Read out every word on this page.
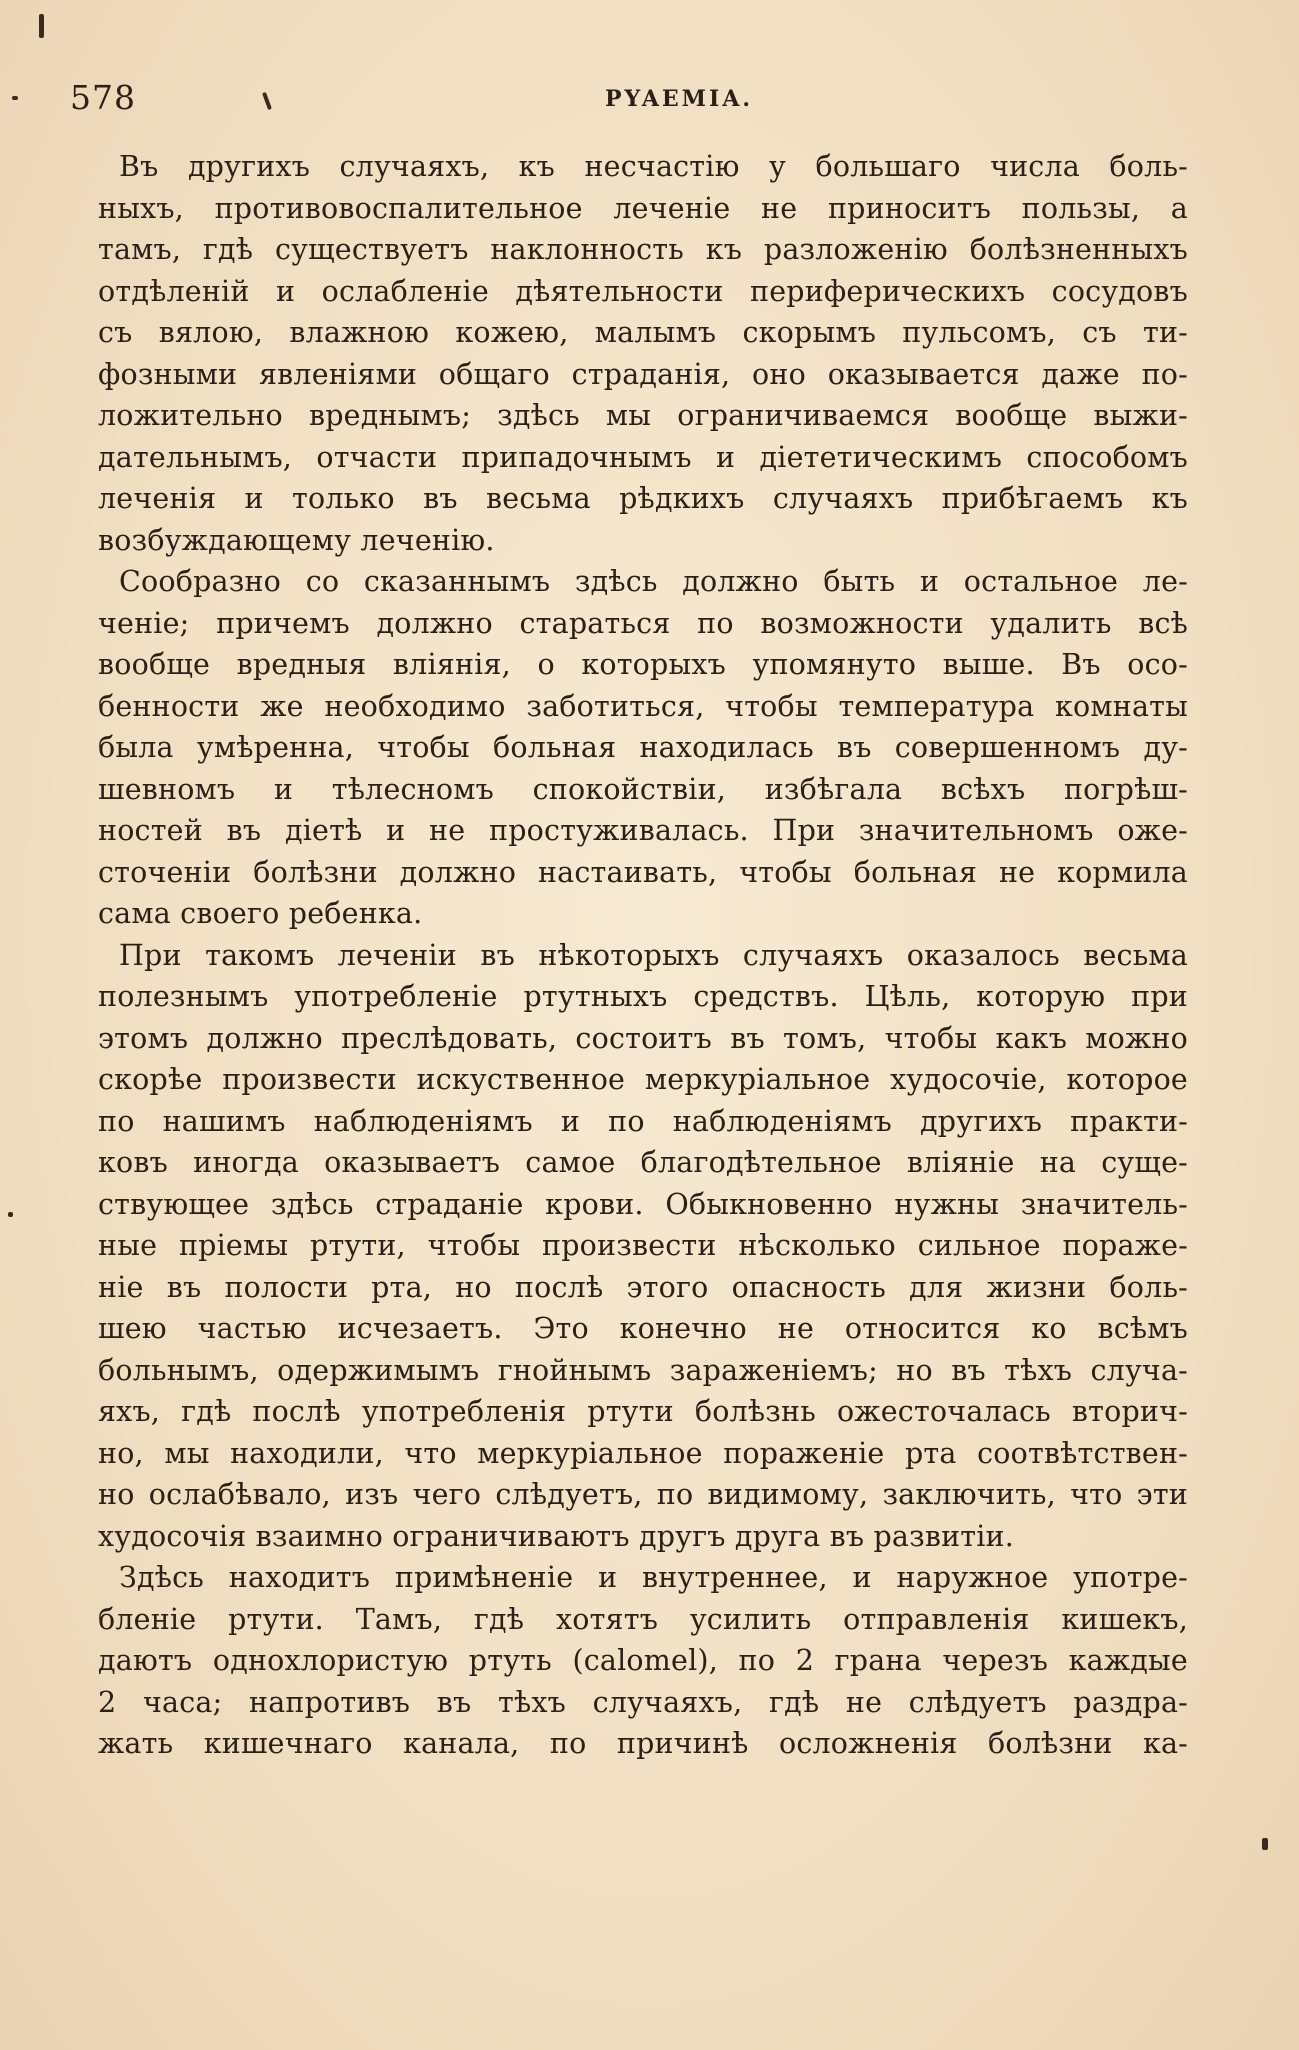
578	PYAEMIA.
Въ другихъ случаяхъ, къ несчастію у большаго числа боль-
ныхъ, противовоспалительное леченіе не приноситъ пользы, а
тамъ, гдѣ существуетъ наклонность къ разложенію болѣзненныхъ
отдѣленій и ослабленіе дѣятельности периферическихъ сосудовъ
съ вялою, влажною кожею, малымъ скорымъ пульсомъ, съ ти-
фозными явленіями общаго страданія, оно оказывается даже по-
ложительно вреднымъ; здѣсь мы ограничиваемся вообще выжи-
дательнымъ, отчасти припадочнымъ и діететическимъ способомъ
леченія и только въ весьма рѣдкихъ случаяхъ прибѣгаемъ къ
возбуждающему леченію.
Сообразно со сказаннымъ здѣсь должно быть и остальное ле-
ченіе; причемъ должно стараться по возможности удалить всѣ
вообще вредныя вліянія, о которыхъ упомянуто выше. Въ осо-
бенности же необходимо заботиться, чтобы температура комнаты
была умѣренна, чтобы больная находилась въ совершенномъ ду-
шевномъ и тѣлесномъ спокойствіи, избѣгала всѣхъ погрѣш-
ностей въ діетѣ и не простуживалась. При значительномъ оже-
сточеніи болѣзни должно настаивать, чтобы больная не кормила
сама своего ребенка.
При такомъ леченіи въ нѣкоторыхъ случаяхъ оказалось весьма
полезнымъ употребленіе ртутныхъ средствъ. Цѣль, которую при
этомъ должно преслѣдовать, состоитъ въ томъ, чтобы какъ можно
скорѣе произвести искуственное меркуріальное худосочіе, которое
по нашимъ наблюденіямъ и по наблюденіямъ другихъ практи-
ковъ иногда оказываетъ самое благодѣтельное вліяніе на суще-
ствующее здѣсь страданіе крови. Обыкновенно нужны значитель-
ные пріемы ртути, чтобы произвести нѣсколько сильное пораже-
ніе въ полости рта, но послѣ этого опасность для жизни боль-
шею частью исчезаетъ. Это конечно не относится ко всѣмъ
больнымъ, одержимымъ гнойнымъ зараженіемъ; но въ тѣхъ случа-
яхъ, гдѣ послѣ употребленія ртути болѣзнь ожесточалась вторич-
но, мы находили, что меркуріальное пораженіе рта соотвѣтствен-
но ослабѣвало, изъ чего слѣдуетъ, по видимому, заключить, что эти
худосочія взаимно ограничиваютъ другъ друга въ развитіи.
Здѣсь находитъ примѣненіе и внутреннее, и наружное употре-
бленіе ртути. Тамъ, гдѣ хотятъ усилить отправленія кишекъ,
даютъ однохлористую ртуть (calomel), по 2 грана черезъ каждые
2 часа; напротивъ въ тѣхъ случаяхъ, гдѣ не слѣдуетъ раздра-
жать кишечнаго канала, по причинѣ осложненія болѣзни ка-
